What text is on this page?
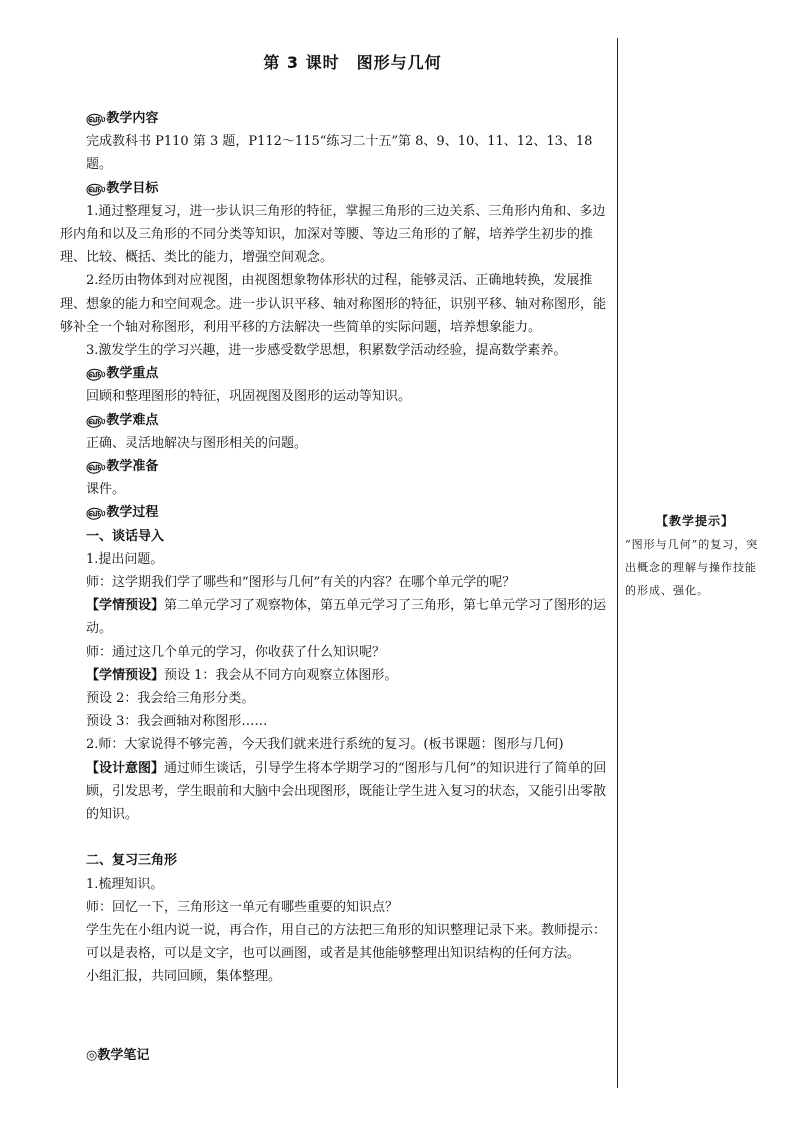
第 3 课时　图形与几何

௵教学内容

完成教科书 P110 第 3 题，P112～115“练习二十五”第 8、9、10、11、12、13、18 题。

௵教学目标

1.通过整理复习，进一步认识三角形的特征，掌握三角形的三边关系、三角形内角和、多边形内角和以及三角形的不同分类等知识，加深对等腰、等边三角形的了解，培养学生初步的推理、比较、概括、类比的能力，增强空间观念。

2.经历由物体到对应视图，由视图想象物体形状的过程，能够灵活、正确地转换，发展推理、想象的能力和空间观念。进一步认识平移、轴对称图形的特征，识别平移、轴对称图形，能够补全一个轴对称图形，利用平移的方法解决一些简单的实际问题，培养想象能力。

3.激发学生的学习兴趣，进一步感受数学思想，积累数学活动经验，提高数学素养。

௵教学重点

回顾和整理图形的特征，巩固视图及图形的运动等知识。

௵教学难点

正确、灵活地解决与图形相关的问题。

௵教学准备

课件。

௵教学过程

一、谈话导入

1.提出问题。

师：这学期我们学了哪些和“图形与几何”有关的内容？在哪个单元学的呢？

【学情预设】第二单元学习了观察物体，第五单元学习了三角形，第七单元学习了图形的运动。

师：通过这几个单元的学习，你收获了什么知识呢？

【学情预设】预设 1：我会从不同方向观察立体图形。

预设 2：我会给三角形分类。

预设 3：我会画轴对称图形……

2.师：大家说得不够完善，今天我们就来进行系统的复习。(板书课题：图形与几何)

【设计意图】通过师生谈话，引导学生将本学期学习的“图形与几何”的知识进行了简单的回顾，引发思考，学生眼前和大脑中会出现图形，既能让学生进入复习的状态，又能引出零散的知识。

二、复习三角形

1.梳理知识。

师：回忆一下，三角形这一单元有哪些重要的知识点？

学生先在小组内说一说，再合作，用自己的方法把三角形的知识整理记录下来。教师提示：可以是表格，可以是文字，也可以画图，或者是其他能够整理出知识结构的任何方法。

小组汇报，共同回顾，集体整理。

【教学提示】
“图形与几何”的复习，突出概念的理解与操作技能的形成、强化。
◎教学笔记
